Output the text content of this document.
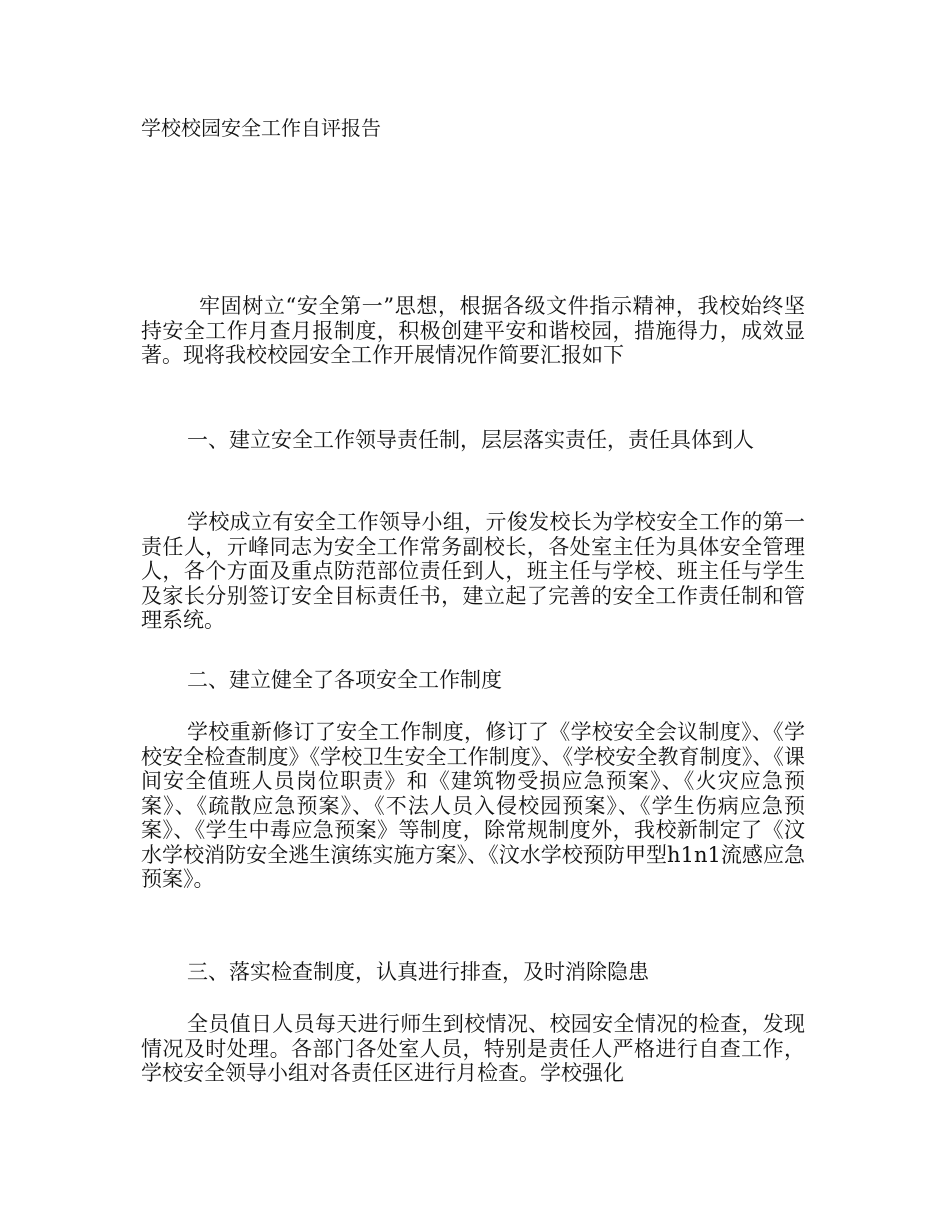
学校校园安全工作自评报告

牢固树立“安全第一”思想，根据各级文件指示精神，我校始终坚持安全工作月查月报制度，积极创建平安和谐校园，措施得力，成效显著。现将我校校园安全工作开展情况作简要汇报如下

一、建立安全工作领导责任制，层层落实责任，责任具体到人

学校成立有安全工作领导小组，亓俊发校长为学校安全工作的第一责任人，亓峰同志为安全工作常务副校长，各处室主任为具体安全管理人，各个方面及重点防范部位责任到人，班主任与学校、班主任与学生及家长分别签订安全目标责任书，建立起了完善的安全工作责任制和管理系统。

二、建立健全了各项安全工作制度

学校重新修订了安全工作制度，修订了《学校安全会议制度》、《学校安全检查制度》《学校卫生安全工作制度》、《学校安全教育制度》、《课间安全值班人员岗位职责》和《建筑物受损应急预案》、《火灾应急预案》、《疏散应急预案》、《不法人员入侵校园预案》、《学生伤病应急预案》、《学生中毒应急预案》等制度，除常规制度外，我校新制定了《汶水学校消防安全逃生演练实施方案》、《汶水学校预防甲型h1n1流感应急预案》。

三、落实检查制度，认真进行排查，及时消除隐患

全员值日人员每天进行师生到校情况、校园安全情况的检查，发现情况及时处理。各部门各处室人员，特别是责任人严格进行自查工作，学校安全领导小组对各责任区进行月检查。学校强化
